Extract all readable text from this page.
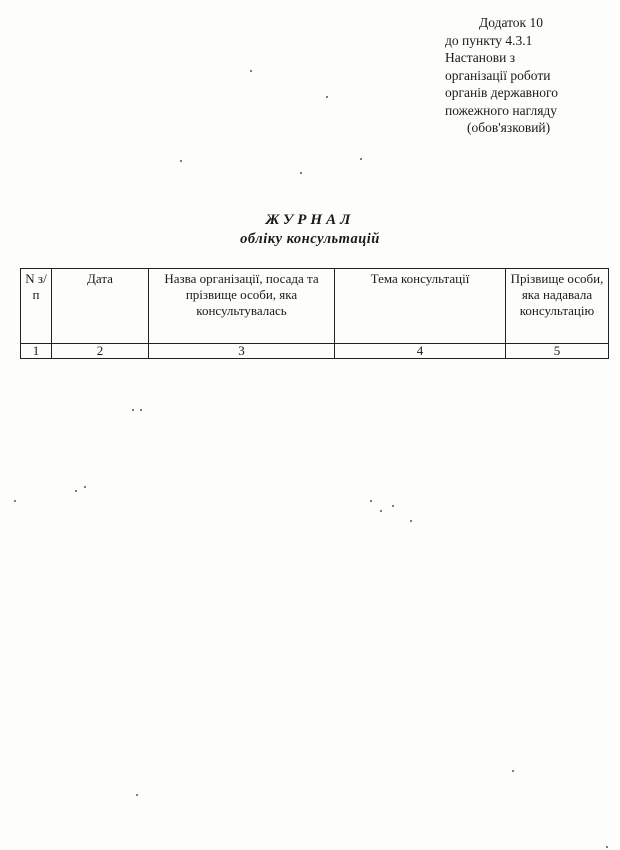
Додаток 10
до пункту 4.3.1
Настанови з
організації роботи
органів державного
пожежного нагляду
(обов'язковий)
ЖУРНАЛ
обліку консультацій
N з/п	Дата	Назва організації, посада та прізвище особи, яка консультувалась	Тема консультації	Прізвище особи, яка надавала консультацію
1	2	3	4	5
